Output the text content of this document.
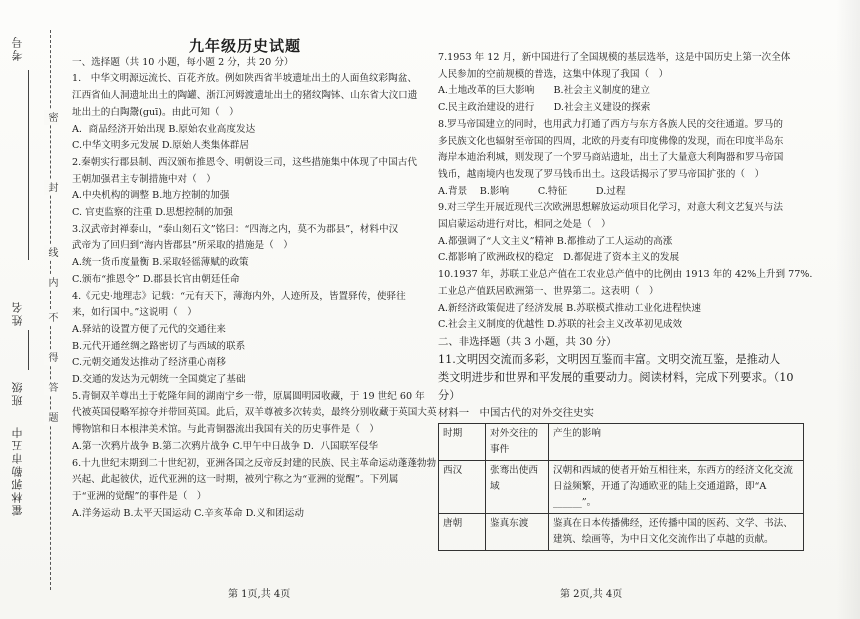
霍林郭勒市五中
班级
姓名
考号
密
封
线
内
不
得
答
题

九年级历史试题

一、选择题（共 10 小题，每小题 2 分，共 20 分）

1.　中华文明源远流长、百花齐放。例如陕西省半坡遗址出土的人面鱼纹彩陶盆、

江西省仙人洞遗址出土的陶罐、浙江河姆渡遗址出土的猪纹陶钵、山东省大汶口遗

址出土的白陶鬶(guī)。由此可知（　）

A．商品经济开始出现 B.原始农业高度发达

C.中华文明多元发展 D.原始人类集体群居

2.秦朝实行郡县制、西汉颁布推恩令、明朝设三司，这些措施集中体现了中国古代

王朝加强君主专制措施中对（　）

A.中央机构的调整 B.地方控制的加强

C. 官吏监察的注重 D.思想控制的加强

3.汉武帝封禅泰山，“泰山刻石文”铭曰：“四海之内，莫不为郡县”，材料中汉

武帝为了回归到“海内皆郡县”所采取的措施是（　）

A.统一货币度量衡 B.采取轻徭薄赋的政策

C.颁布“推恩令” D.郡县长官由朝廷任命

4.《元史·地理志》记载：“元有天下，薄海内外，人迹所及，皆置驿传，使驿往

来，如行国中。”这说明（　）

A.驿站的设置方便了元代的交通往来

B.元代开通丝绸之路密切了与西域的联系

C.元朝交通发达推动了经济重心南移

D.交通的发达为元朝统一全国奠定了基础

5.青铜双羊尊出土于乾隆年间的湖南宁乡一带，原属圆明园收藏，于 19 世纪 60 年

代被英国侵略军掠夺并带回英国。此后，双羊尊被多次转卖，最终分别收藏于英国大英

博物馆和日本根津美术馆。与此青铜器流出我国有关的历史事件是（　）

A.第一次鸦片战争 B.第二次鸦片战争 C.甲午中日战争 D．八国联军侵华

6.十九世纪末期到二十世纪初，亚洲各国之反帝反封建的民族、民主革命运动蓬蓬勃勃

兴起、此起彼伏，近代亚洲的这一时期，被列宁称之为“亚洲的觉醒”。下列属

于“亚洲的觉醒”的事件是（　）

A.洋务运动 B.太平天国运动 C.辛亥革命 D.义和团运动

第 1页,共 4页

7.1953 年 12 月，新中国进行了全国规模的基层选举，这是中国历史上第一次全体

人民参加的空前规模的普选，这集中体现了我国（　）

A.土地改革的巨大影响　　B.社会主义制度的建立

C.民主政治建设的进行　　D.社会主义建设的探索

8.罗马帝国建立的同时，也用武力打通了西方与东方各族人民的交往通道。罗马的

多民族文化也辐射至帝国的四周，北欧的丹麦有印度佛像的发现，而在印度半岛东

海岸本迪治利城，则发现了一个罗马商站遗址，出土了大量意大利陶器和罗马帝国

钱币，越南境内也发现了罗马钱币出土。这段话揭示了罗马帝国扩张的（　）

A.背景　 B.影响　　　C.特征　　　D.过程

9.对三学生开展近现代三次欧洲思想解放运动项目化学习，对意大利文艺复兴与法

国启蒙运动进行对比，相同之处是（　）

A.都强调了“人文主义”精神 B.都推动了工人运动的高涨

C.都影响了欧洲政权的稳定　D.都促进了资本主义的发展

10.1937 年，苏联工业总产值在工农业总产值中的比例由 1913 年的 42%上升到 77%.

工业总产值跃居欧洲第一、世界第二。这表明（　）

A.新经济政策促进了经济发展 B.苏联模式推动工业化进程快速

C.社会主义制度的优越性 D.苏联的社会主义改革初见成效

二、非选择题（共 3 小题，共 30 分）

11.文明因交流而多彩，文明因互鉴而丰富。文明交流互鉴，是推动人

类文明进步和世界和平发展的重要动力。阅读材料，完成下列要求。（10

分）

材料一　中国古代的对外交往史实

时期	对外交往的事件	产生的影响
西汉	张骞出使西域	汉朝和西域的使者开始互相往来，东西方的经济文化交流日益频繁，开通了沟通欧亚的陆上交通道路，即“A ______”。
唐朝	鉴真东渡	鉴真在日本传播佛经，还传播中国的医药、文学、书法、建筑、绘画等，为中日文化交流作出了卓越的贡献。
第 2页,共 4页
